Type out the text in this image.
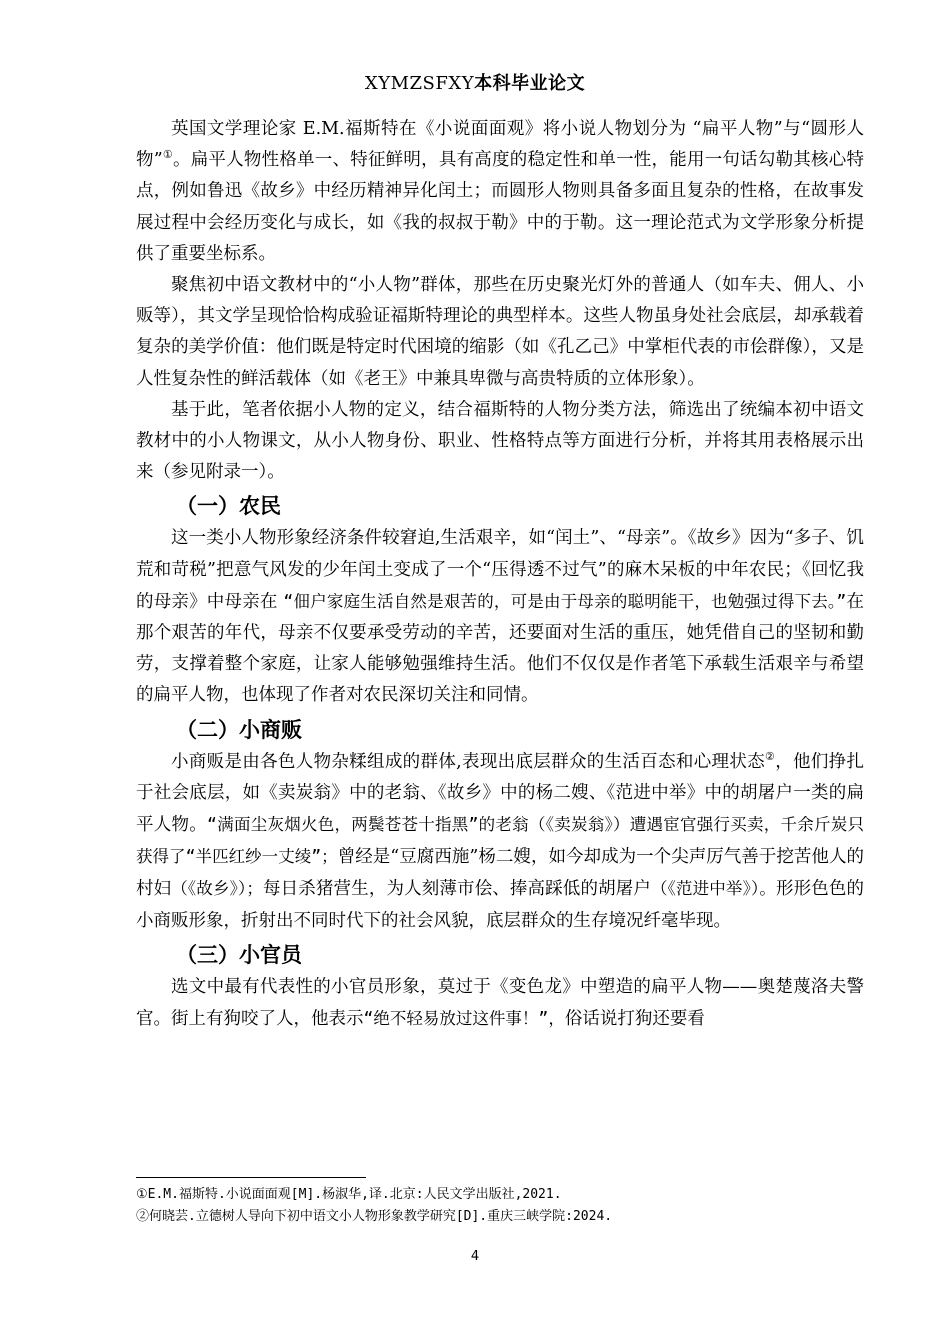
XYMZSFXY本科毕业论文

英国文学理论家 E.M.福斯特在《小说面面观》将小说人物划分为 “扁平人物”与“圆形人物”①。扁平人物性格单一、特征鲜明，具有高度的稳定性和单一性，能用一句话勾勒其核心特点，例如鲁迅《故乡》中经历精神异化闰土；而圆形人物则具备多面且复杂的性格，在故事发展过程中会经历变化与成长，如《我的叔叔于勒》中的于勒。这一理论范式为文学形象分析提供了重要坐标系。

聚焦初中语文教材中的“小人物”群体，那些在历史聚光灯外的普通人（如车夫、佣人、小贩等），其文学呈现恰恰构成验证福斯特理论的典型样本。这些人物虽身处社会底层，却承载着复杂的美学价值：他们既是特定时代困境的缩影（如《孔乙己》中掌柜代表的市侩群像），又是人性复杂性的鲜活载体（如《老王》中兼具卑微与高贵特质的立体形象）。

基于此，笔者依据小人物的定义，结合福斯特的人物分类方法，筛选出了统编本初中语文教材中的小人物课文，从小人物身份、职业、性格特点等方面进行分析，并将其用表格展示出来（参见附录一）。

（一）农民

这一类小人物形象经济条件较窘迫,生活艰辛，如“闰土”、“母亲”。《故乡》因为“多子、饥荒和苛税”把意气风发的少年闰土变成了一个“压得透不过气”的麻木呆板的中年农民；《回忆我的母亲》中母亲在 “佃户家庭生活自然是艰苦的，可是由于母亲的聪明能干，也勉强过得下去。”在那个艰苦的年代，母亲不仅要承受劳动的辛苦，还要面对生活的重压，她凭借自己的坚韧和勤劳，支撑着整个家庭，让家人能够勉强维持生活。他们不仅仅是作者笔下承载生活艰辛与希望的扁平人物，也体现了作者对农民深切关注和同情。

（二）小商贩

小商贩是由各色人物杂糅组成的群体,表现出底层群众的生活百态和心理状态②，他们挣扎于社会底层，如《卖炭翁》中的老翁、《故乡》中的杨二嫂、《范进中举》中的胡屠户一类的扁平人物。“满面尘灰烟火色，两鬓苍苍十指黑”的老翁（《卖炭翁》）遭遇宦官强行买卖，千余斤炭只获得了“半匹红纱一丈绫”；曾经是“豆腐西施”杨二嫂，如今却成为一个尖声厉气善于挖苦他人的村妇（《故乡》）；每日杀猪营生，为人刻薄市侩、捧高踩低的胡屠户（《范进中举》）。形形色色的小商贩形象，折射出不同时代下的社会风貌，底层群众的生存境况纤毫毕现。

（三）小官员

选文中最有代表性的小官员形象，莫过于《变色龙》中塑造的扁平人物——奥楚蔑洛夫警官。街上有狗咬了人，他表示“绝不轻易放过这件事！”，俗话说打狗还要看

①E.M.福斯特.小说面面观[M].杨淑华,译.北京:人民文学出版社,2021.
②何晓芸.立德树人导向下初中语文小人物形象教学研究[D].重庆三峡学院:2024.
4
